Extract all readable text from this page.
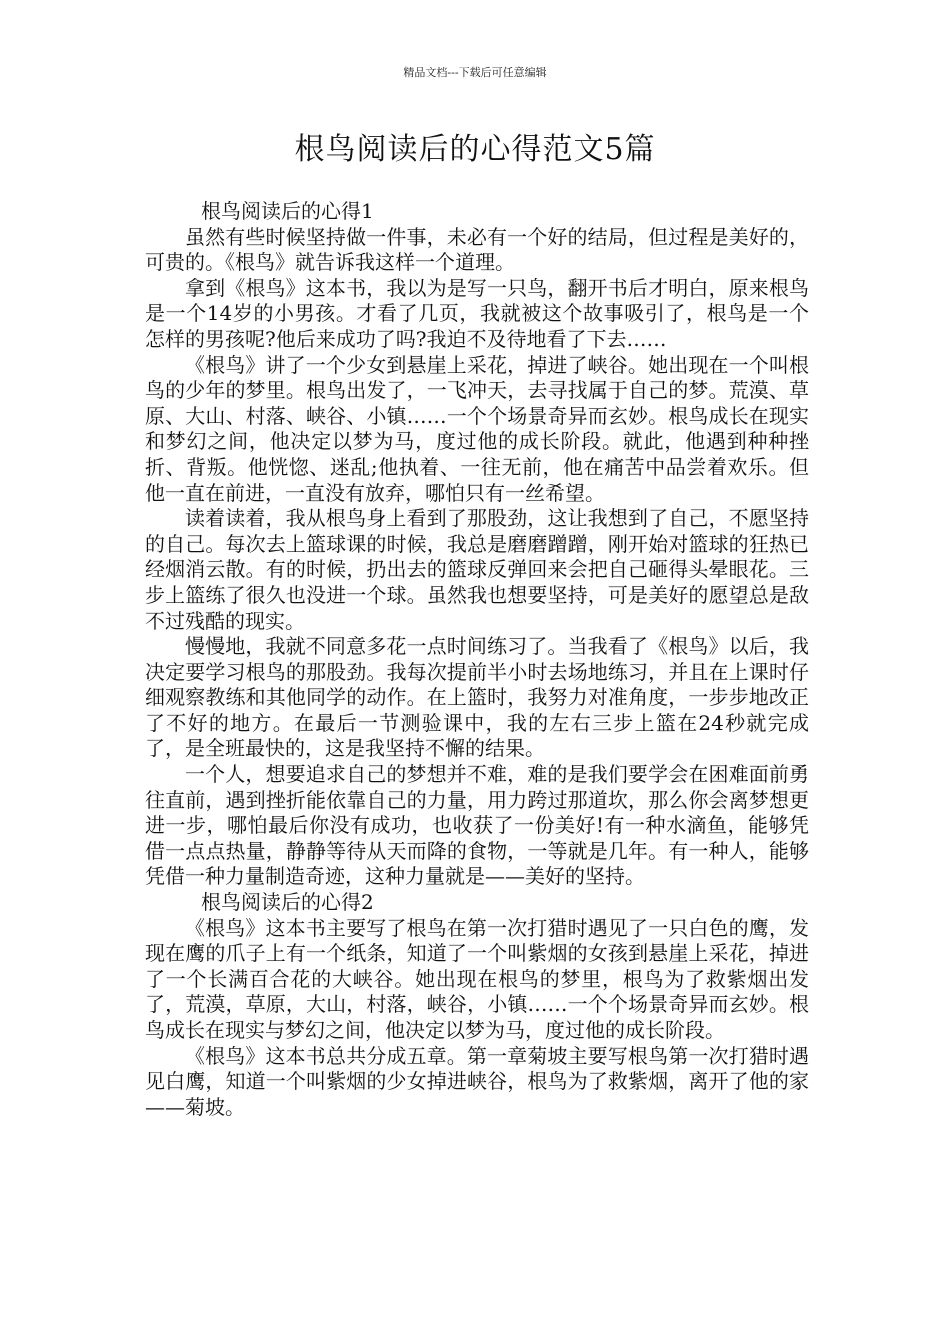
精品文档---下载后可任意编辑
根鸟阅读后的心得范文5篇

根鸟阅读后的心得1

虽然有些时候坚持做一件事，未必有一个好的结局，但过程是美好的，可贵的。《根鸟》就告诉我这样一个道理。

拿到《根鸟》这本书，我以为是写一只鸟，翻开书后才明白，原来根鸟是一个14岁的小男孩。才看了几页，我就被这个故事吸引了，根鸟是一个怎样的男孩呢?他后来成功了吗?我迫不及待地看了下去……

《根鸟》讲了一个少女到悬崖上采花，掉进了峡谷。她出现在一个叫根鸟的少年的梦里。根鸟出发了，一飞冲天，去寻找属于自己的梦。荒漠、草原、大山、村落、峡谷、小镇……一个个场景奇异而玄妙。根鸟成长在现实和梦幻之间，他决定以梦为马，度过他的成长阶段。就此，他遇到种种挫折、背叛。他恍惚、迷乱;他执着、一往无前，他在痛苦中品尝着欢乐。但他一直在前进，一直没有放弃，哪怕只有一丝希望。

读着读着，我从根鸟身上看到了那股劲，这让我想到了自己，不愿坚持的自己。每次去上篮球课的时候，我总是磨磨蹭蹭，刚开始对篮球的狂热已经烟消云散。有的时候，扔出去的篮球反弹回来会把自己砸得头晕眼花。三步上篮练了很久也没进一个球。虽然我也想要坚持，可是美好的愿望总是敌不过残酷的现实。

慢慢地，我就不同意多花一点时间练习了。当我看了《根鸟》以后，我决定要学习根鸟的那股劲。我每次提前半小时去场地练习，并且在上课时仔细观察教练和其他同学的动作。在上篮时，我努力对准角度，一步步地改正了不好的地方。在最后一节测验课中，我的左右三步上篮在24秒就完成了，是全班最快的，这是我坚持不懈的结果。

一个人，想要追求自己的梦想并不难，难的是我们要学会在困难面前勇往直前，遇到挫折能依靠自己的力量，用力跨过那道坎，那么你会离梦想更进一步，哪怕最后你没有成功，也收获了一份美好!有一种水滴鱼，能够凭借一点点热量，静静等待从天而降的食物，一等就是几年。有一种人，能够凭借一种力量制造奇迹，这种力量就是——美好的坚持。

根鸟阅读后的心得2

《根鸟》这本书主要写了根鸟在第一次打猎时遇见了一只白色的鹰，发现在鹰的爪子上有一个纸条，知道了一个叫紫烟的女孩到悬崖上采花，掉进了一个长满百合花的大峡谷。她出现在根鸟的梦里，根鸟为了救紫烟出发了，荒漠，草原，大山，村落，峡谷，小镇……一个个场景奇异而玄妙。根鸟成长在现实与梦幻之间，他决定以梦为马，度过他的成长阶段。

《根鸟》这本书总共分成五章。第一章菊坡主要写根鸟第一次打猎时遇见白鹰，知道一个叫紫烟的少女掉进峡谷，根鸟为了救紫烟，离开了他的家——菊坡。
